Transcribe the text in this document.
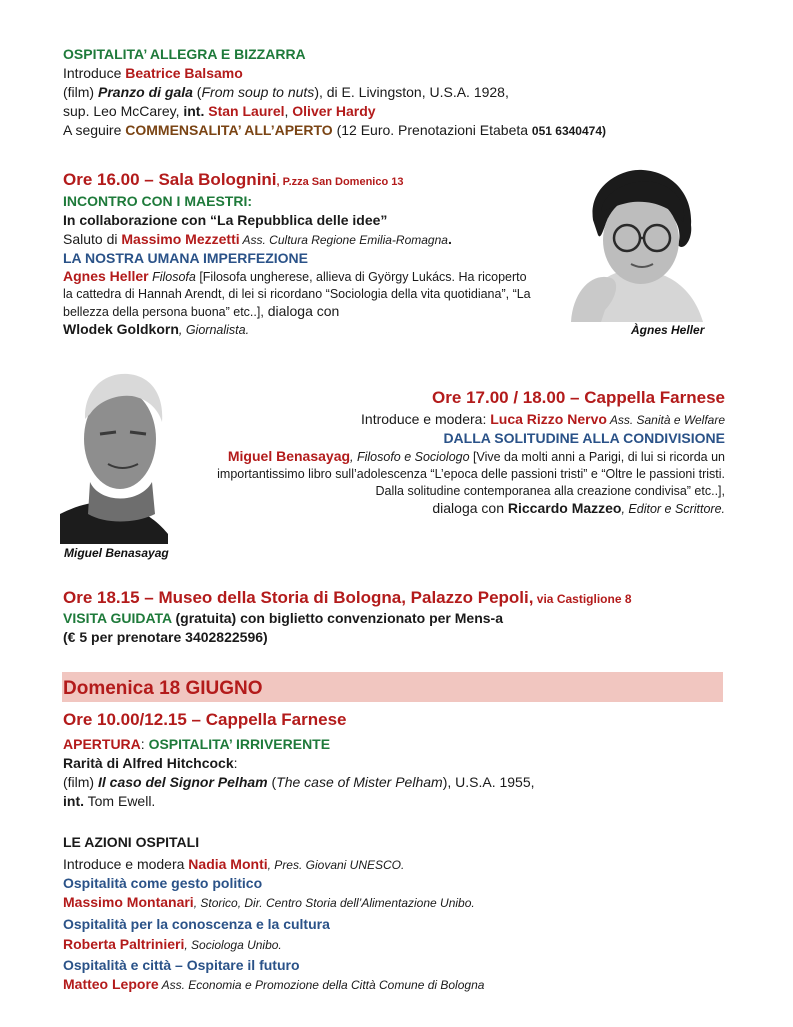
OSPITALITA’ ALLEGRA E BIZZARRA
Introduce Beatrice Balsamo
(film) Pranzo di gala (From soup to nuts), di E. Livingston, U.S.A. 1928,
sup. Leo McCarey, int. Stan Laurel, Oliver Hardy
A seguire COMMENSALITA’ ALL’APERTO (12 Euro. Prenotazioni Etabeta 051 6340474)
Ore 16.00 – Sala Bolognini, P.zza San Domenico 13
INCONTRO CON I MAESTRI:
In collaborazione con “La Repubblica delle idee”
Saluto di Massimo Mezzetti Ass. Cultura Regione Emilia-Romagna.
LA NOSTRA UMANA IMPERFEZIONE
Agnes Heller Filosofa [Filosofa ungherese, allieva di György Lukács. Ha ricoperto la cattedra di Hannah Arendt, di lei si ricordano “Sociologia della vita quotidiana”, “La bellezza della persona buona” etc..], dialoga con
Wlodek Goldkorn, Giornalista.	Àgnes Heller
Miguel Benasayag
Ore 17.00 / 18.00 – Cappella Farnese
Introduce e modera: Luca Rizzo Nervo Ass. Sanità e Welfare
DALLA SOLITUDINE ALLA CONDIVISIONE
Miguel Benasayag, Filosofo e Sociologo [Vive da molti anni a Parigi, di lui si ricorda un importantissimo libro sull’adolescenza “L’epoca delle passioni tristi” e “Oltre le passioni tristi. Dalla solitudine contemporanea alla creazione condivisa” etc..],
dialoga con Riccardo Mazzeo, Editor e Scrittore.
Ore 18.15 – Museo della Storia di Bologna, Palazzo Pepoli, via Castiglione 8
VISITA GUIDATA (gratuita) con biglietto convenzionato per Mens-a
(€ 5 per prenotare 3402822596)
Domenica 18 GIUGNO
Ore 10.00/12.15 – Cappella Farnese
APERTURA: OSPITALITA’ IRRIVERENTE
Rarità di Alfred Hitchcock:
(film) Il caso del Signor Pelham (The case of Mister Pelham), U.S.A. 1955,
int. Tom Ewell.
LE AZIONI OSPITALI
Introduce e modera Nadia Monti, Pres. Giovani UNESCO.
Ospitalità come gesto politico
Massimo Montanari, Storico, Dir. Centro Storia dell’Alimentazione Unibo.
Ospitalità per la conoscenza e la cultura
Roberta Paltrinieri, Sociologa Unibo.
Ospitalità e città – Ospitare il futuro
Matteo Lepore Ass. Economia e Promozione della Città Comune di Bologna
